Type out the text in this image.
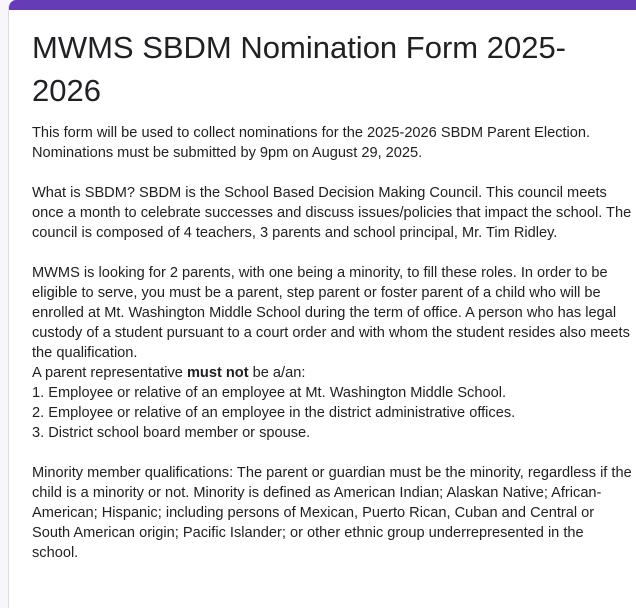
MWMS SBDM Nomination Form 2025-2026

This form will be used to collect nominations for the 2025-2026 SBDM Parent Election.

Nominations must be submitted by 9pm on August 29, 2025.

What is SBDM? SBDM is the School Based Decision Making Council. This council meets once a month to celebrate successes and discuss issues/policies that impact the school. The council is composed of 4 teachers, 3 parents and school principal, Mr. Tim Ridley.

MWMS is looking for 2 parents, with one being a minority, to fill these roles. In order to be eligible to serve, you must be a parent, step parent or foster parent of a child who will be enrolled at Mt. Washington Middle School during the term of office. A person who has legal custody of a student pursuant to a court order and with whom the student resides also meets the qualification.

A parent representative must not be a/an:

1. Employee or relative of an employee at Mt. Washington Middle School.

2. Employee or relative of an employee in the district administrative offices.

3. District school board member or spouse.

Minority member qualifications: The parent or guardian must be the minority, regardless if the child is a minority or not. Minority is defined as American Indian; Alaskan Native; African-American; Hispanic; including persons of Mexican, Puerto Rican, Cuban and Central or South American origin; Pacific Islander; or other ethnic group underrepresented in the school.
